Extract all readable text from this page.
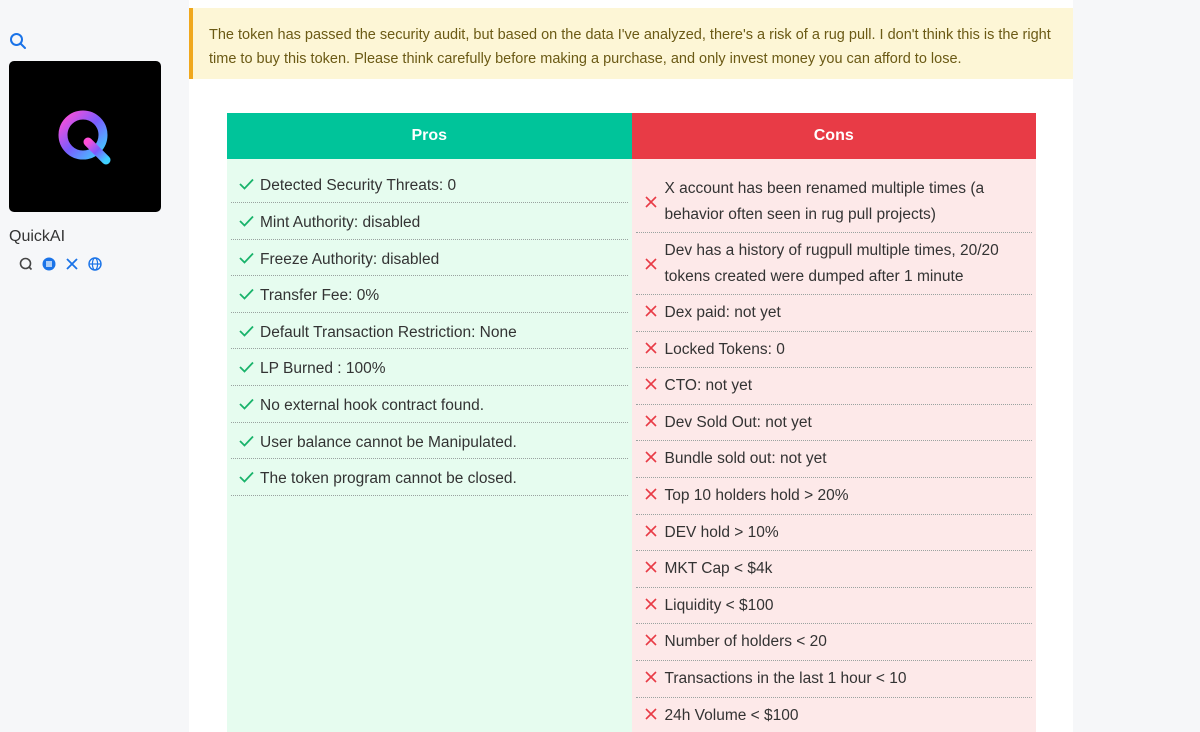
QuickAI
The token has passed the security audit, but based on the data I've analyzed, there's a risk of a rug pull. I don't think this is the right time to buy this token. Please think carefully before making a purchase, and only invest money you can afford to lose.
Pros
Detected Security Threats: 0
Mint Authority: disabled
Freeze Authority: disabled
Transfer Fee: 0%
Default Transaction Restriction: None
LP Burned : 100%
No external hook contract found.
User balance cannot be Manipulated.
The token program cannot be closed.
Cons
X account has been renamed multiple times (a behavior often seen in rug pull projects)
Dev has a history of rugpull multiple times, 20/20 tokens created were dumped after 1 minute
Dex paid: not yet
Locked Tokens: 0
CTO: not yet
Dev Sold Out: not yet
Bundle sold out: not yet
Top 10 holders hold > 20%
DEV hold > 10%
MKT Cap < $4k
Liquidity < $100
Number of holders < 20
Transactions in the last 1 hour < 10
24h Volume < $100
